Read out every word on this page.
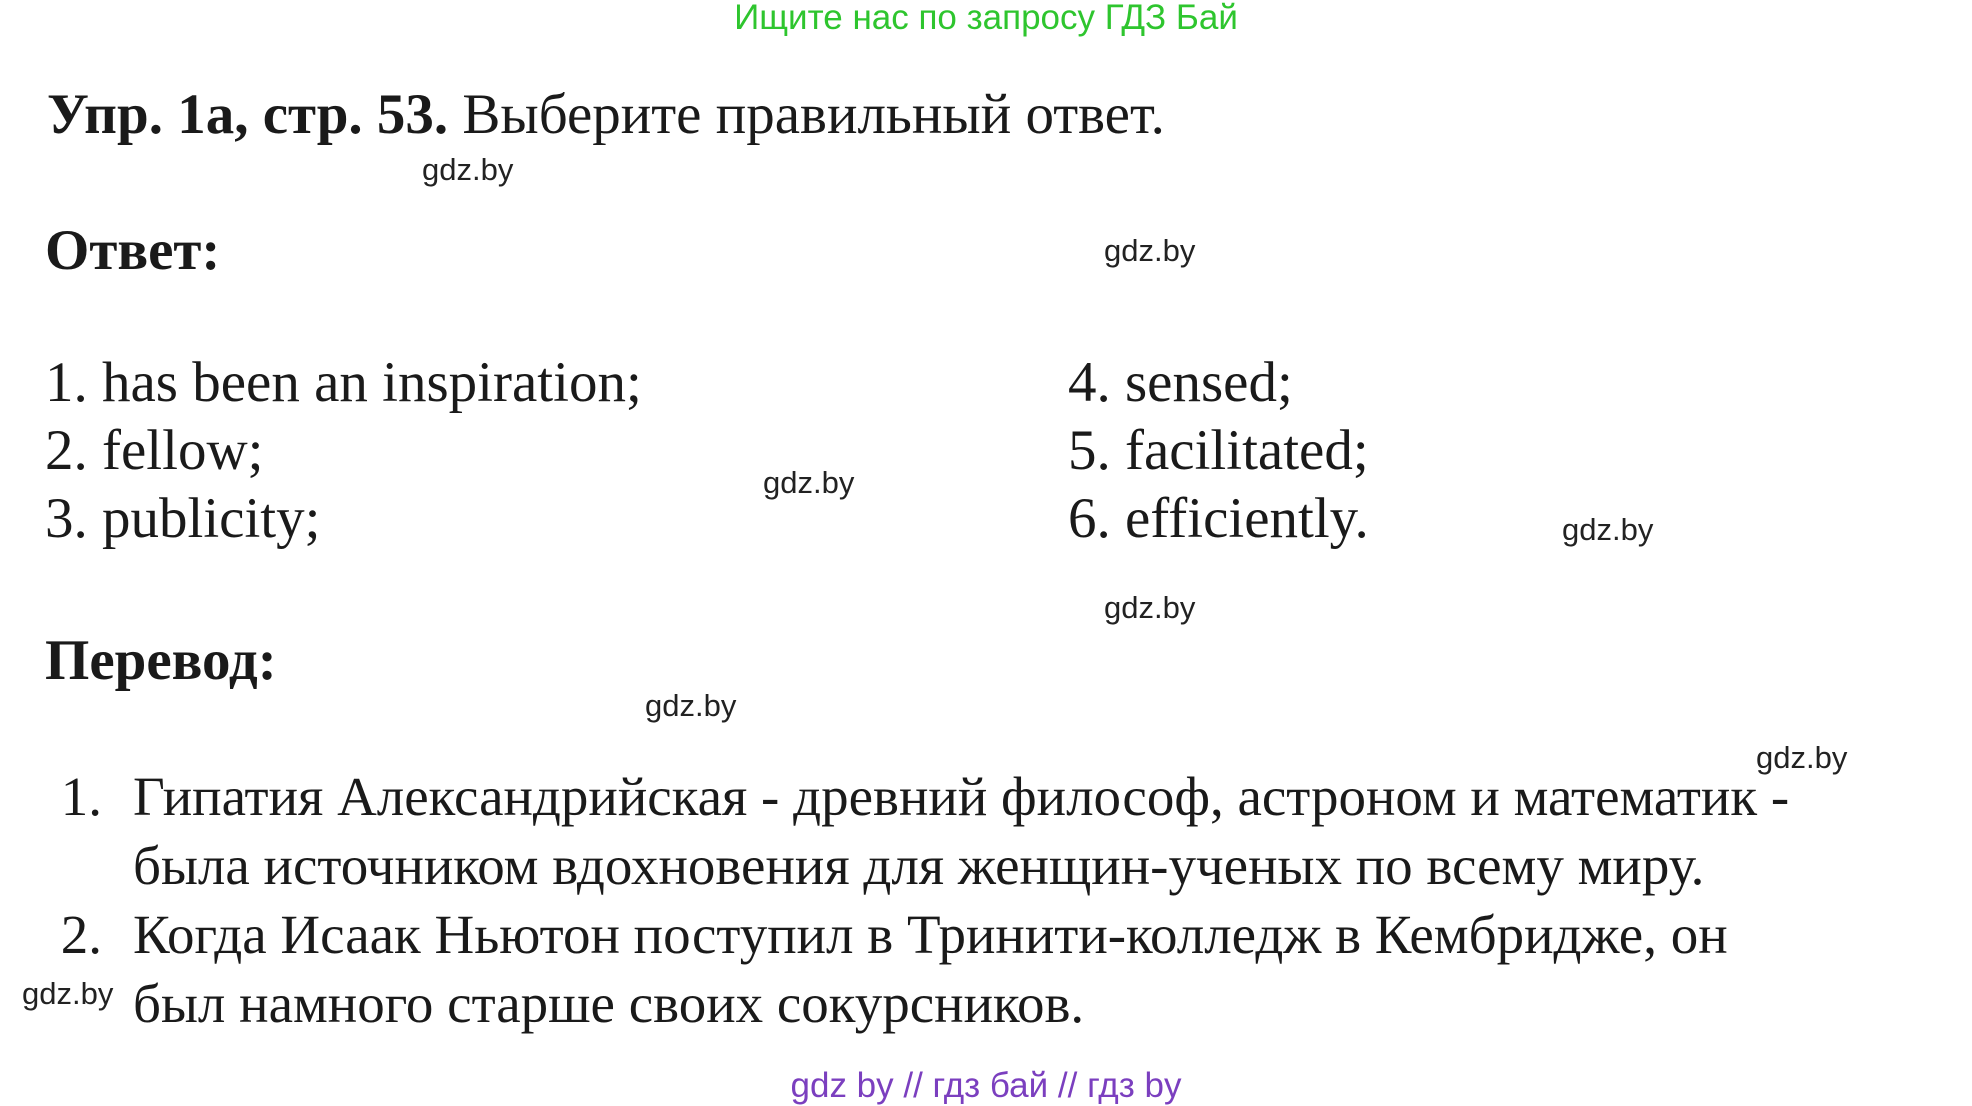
Ищите нас по запросу ГДЗ Бай
Упр. 1а, стр. 53. Выберите правильный ответ.
Ответ:
1. has been an inspiration;
2. fellow;
3. publicity;
4. sensed;
5. facilitated;
6. efficiently.
Перевод:
1. Гипатия Александрийская - древний философ, астроном и математик -
была источником вдохновения для женщин-ученых по всему миру.
2. Когда Исаак Ньютон поступил в Тринити-колледж в Кембридже, он
был намного старше своих сокурсников.
gdz.by
gdz.by
gdz.by
gdz.by
gdz.by
gdz.by
gdz.by
gdz.by
gdz by // гдз бай // гдз by
